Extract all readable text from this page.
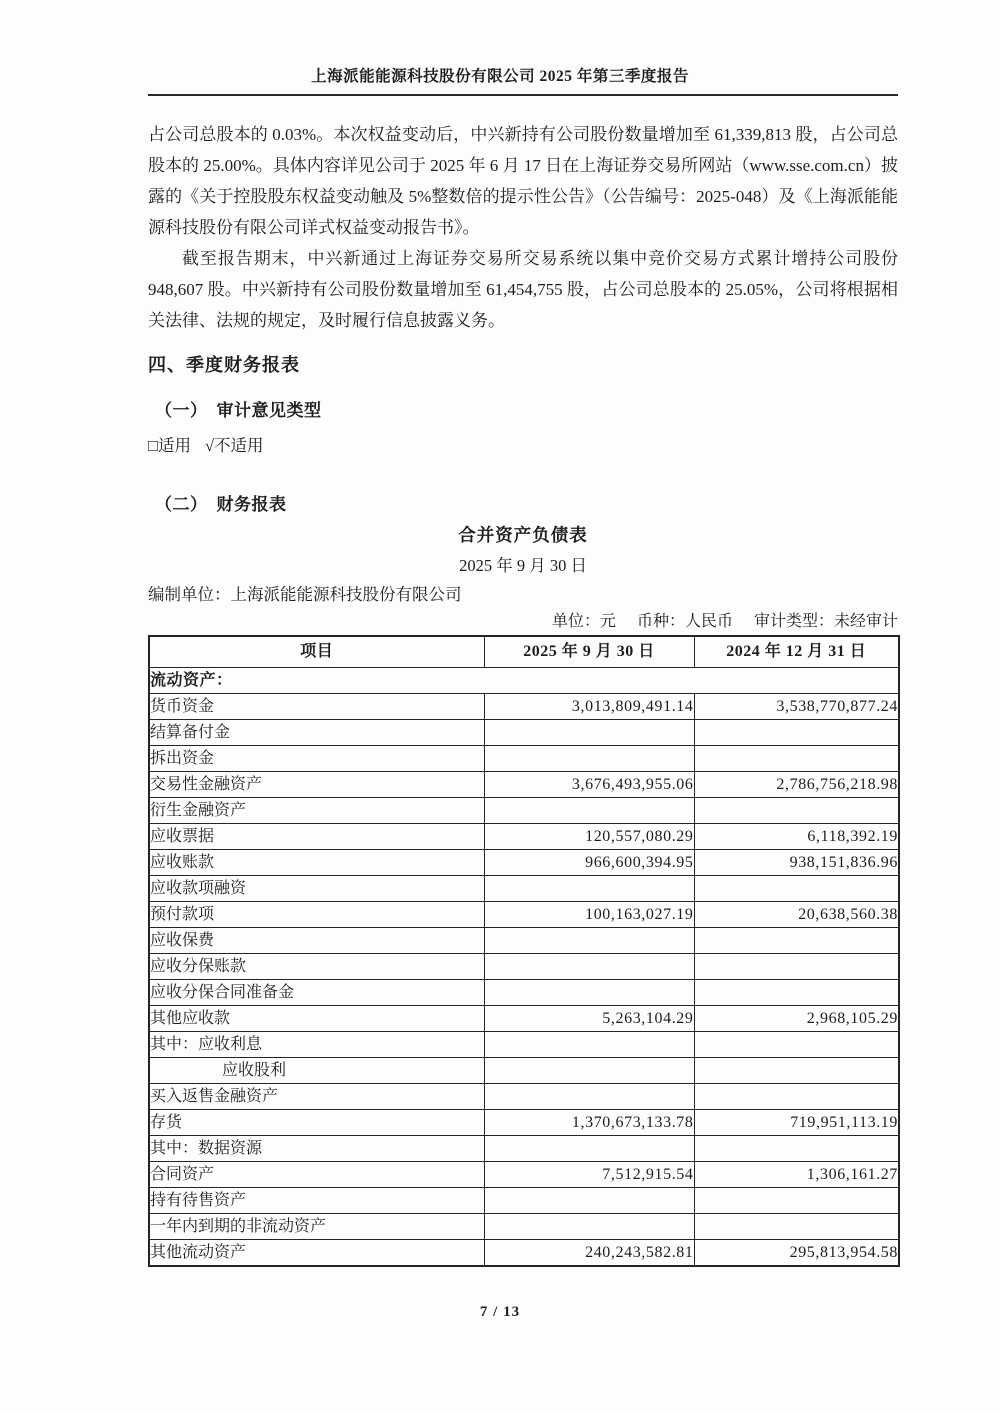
上海派能能源科技股份有限公司 2025 年第三季度报告

占公司总股本的 0.03%。本次权益变动后，中兴新持有公司股份数量增加至 61,339,813 股，占公司总股本的 25.00%。具体内容详见公司于 2025 年 6 月 17 日在上海证券交易所网站（www.sse.com.cn）披露的《关于控股股东权益变动触及 5%整数倍的提示性公告》（公告编号：2025-048）及《上海派能能源科技股份有限公司详式权益变动报告书》。

截至报告期末，中兴新通过上海证券交易所交易系统以集中竞价交易方式累计增持公司股份 948,607 股。中兴新持有公司股份数量增加至 61,454,755 股，占公司总股本的 25.05%，公司将根据相关法律、法规的规定，及时履行信息披露义务。

四、季度财务报表
（一）　审计意见类型
□适用 √不适用
（二）　财务报表
合并资产负债表
2025 年 9 月 30 日
编制单位：上海派能能源科技股份有限公司
单位：元 币种：人民币 审计类型：未经审计
项目	2025 年 9 月 30 日	2024 年 12 月 31 日
流动资产：		
货币资金	3,013,809,491.14	3,538,770,877.24
结算备付金		
拆出资金		
交易性金融资产	3,676,493,955.06	2,786,756,218.98
衍生金融资产		
应收票据	120,557,080.29	6,118,392.19
应收账款	966,600,394.95	938,151,836.96
应收款项融资		
预付款项	100,163,027.19	20,638,560.38
应收保费		
应收分保账款		
应收分保合同准备金		
其他应收款	5,263,104.29	2,968,105.29
其中：应收利息		
应收股利		
买入返售金融资产		
存货	1,370,673,133.78	719,951,113.19
其中：数据资源		
合同资产	7,512,915.54	1,306,161.27
持有待售资产		
一年内到期的非流动资产		
其他流动资产	240,243,582.81	295,813,954.58
7 / 13
